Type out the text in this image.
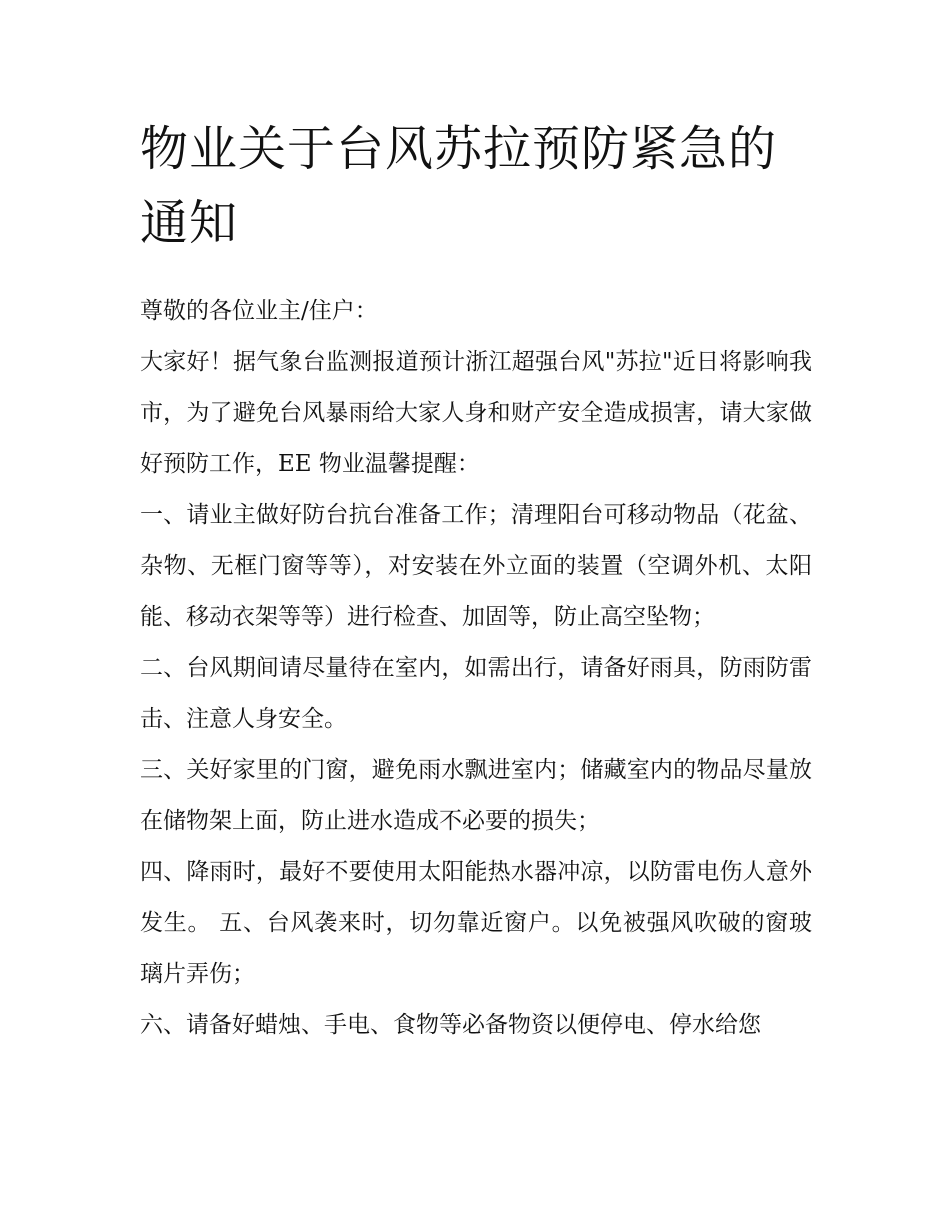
物业关于台风苏拉预防紧急的通知

尊敬的各位业主/住户：

大家好！据气象台监测报道预计浙江超强台风"苏拉"近日将影响我市，为了避免台风暴雨给大家人身和财产安全造成损害，请大家做好预防工作，EE 物业温馨提醒：

一、请业主做好防台抗台准备工作；清理阳台可移动物品（花盆、杂物、无框门窗等等），对安装在外立面的装置（空调外机、太阳能、移动衣架等等）进行检查、加固等，防止高空坠物；

二、台风期间请尽量待在室内，如需出行，请备好雨具，防雨防雷击、注意人身安全。

三、关好家里的门窗，避免雨水飘进室内；储藏室内的物品尽量放在储物架上面，防止进水造成不必要的损失；

四、降雨时，最好不要使用太阳能热水器冲凉，以防雷电伤人意外发生。 五、台风袭来时，切勿靠近窗户。以免被强风吹破的窗玻璃片弄伤；

六、请备好蜡烛、手电、食物等必备物资以便停电、停水给您
